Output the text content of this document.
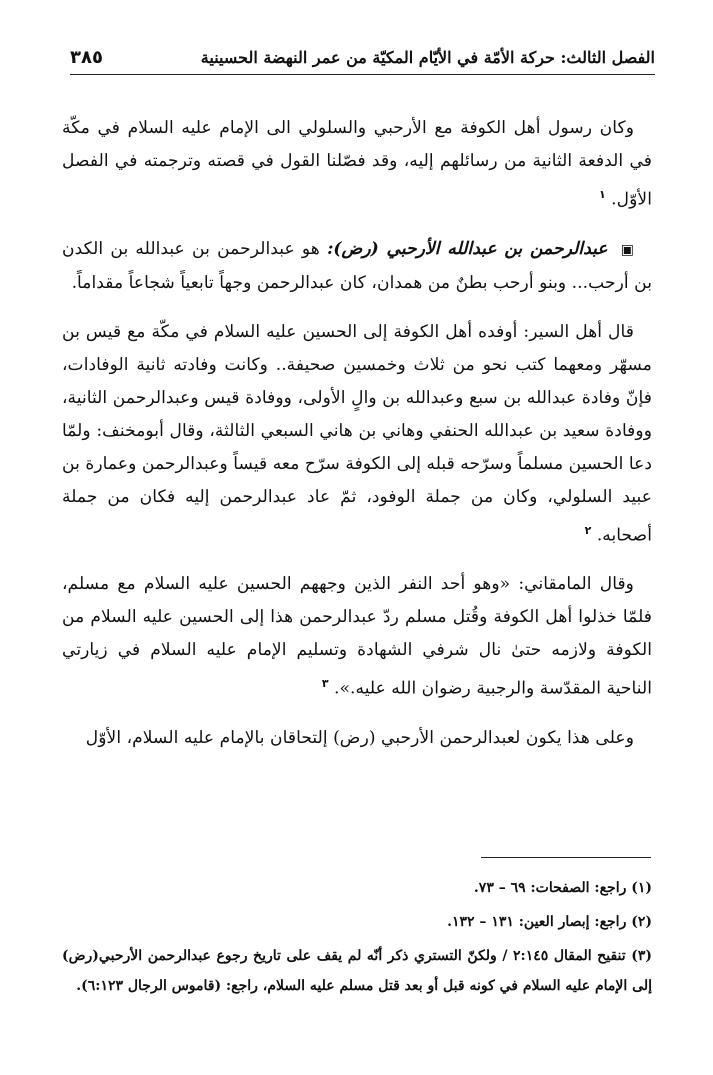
الفصل الثالث: حركة الأمّة في الأيّام المكيّة من عمر النهضة الحسينية
٣٨٥

وكان رسول أهل الكوفة مع الأرحبي والسلولي الى الإمام عليه السلام في مكّة في الدفعة الثانية من رسائلهم إليه، وقد فصّلنا القول في قصته وترجمته في الفصل الأوّل. $^١$

▣ عبدالرحمن بن عبدالله الأرحبي (رض): هو عبدالرحمن بن عبدالله بن الكدن بن أرحب... وبنو أرحب بطنٌ من همدان، كان عبدالرحمن وجهاً تابعياً شجاعاً مقداماً.

قال أهل السير: أوفده أهل الكوفة إلى الحسين عليه السلام في مكّة مع قيس بن مسهّر ومعهما كتب نحو من ثلاث وخمسين صحيفة.. وكانت وفادته ثانية الوفادات، فإنّ وفادة عبدالله بن سبع وعبدالله بن والٍ الأولى، ووفادة قيس وعبدالرحمن الثانية، ووفادة سعيد بن عبدالله الحنفي وهاني بن هاني السبعي الثالثة، وقال أبومخنف: ولمّا دعا الحسين مسلماً وسرّحه قبله إلى الكوفة سرّح معه قيساً وعبدالرحمن وعمارة بن عبيد السلولي، وكان من جملة الوفود، ثمّ عاد عبدالرحمن إليه فكان من جملة أصحابه. $^٢$

وقال المامقاني: «وهو أحد النفر الذين وجههم الحسين عليه السلام مع مسلم، فلمّا خذلوا أهل الكوفة وقُتل مسلم ردّ عبدالرحمن هذا إلى الحسين عليه السلام من الكوفة ولازمه حتىٰ نال شرفي الشهادة وتسليم الإمام عليه السلام في زيارتي الناحية المقدّسة والرجبية رضوان الله عليه.». $^٣$

وعلى هذا يكون لعبدالرحمن الأرحبي (رض) إلتحاقان بالإمام عليه السلام، الأوّل

(١) راجع: الصفحات: ٦٩ – ٧٣.

(٢) راجع: إبصار العين: ١٣١ – ١٣٢.

(٣) تنقيح المقال ٢:١٤٥ / ولكنّ التستري ذكر أنّه لم يقف على تاريخ رجوع عبدالرحمن الأرحبي(رض) إلى الإمام عليه السلام في كونه قبل أو بعد قتل مسلم عليه السلام، راجع: (قاموس الرجال ٦:١٢٣).
